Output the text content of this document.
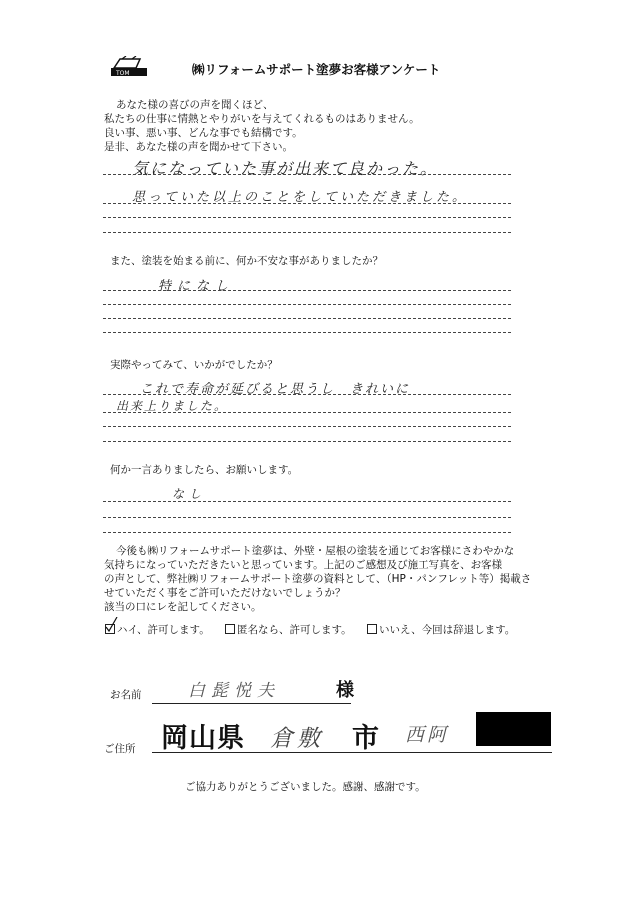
TOM	㈱リフォームサポート塗夢お客様アンケート
あなた様の喜びの声を聞くほど、
私たちの仕事に情熱とやりがいを与えてくれるものはありません。
良い事、悪い事、どんな事でも結構です。
是非、あなた様の声を聞かせて下さい。
気になっていた事が出来て良かった。
思っていた以上のことをしていただきました。
また、塗装を始まる前に、何か不安な事がありましたか？
特になし
実際やってみて、いかがでしたか？
これで寿命が延びると思うし　きれいに
出来上りました。
何か一言ありましたら、お願いします。
なし
今後も㈱リフォームサポート塗夢は、外壁・屋根の塗装を通じてお客様にさわやかな
気持ちになっていただきたいと思っています。上記のご感想及び施工写真を、お客様
の声として、弊社㈱リフォームサポート塗夢の資料として、（HP・パンフレット等）掲載さ
せていただく事をご許可いただけないでしょうか？
該当の口にレを記してください。
ハイ、許可します。	匿名なら、許可します。	いいえ、今回は辞退します。
お名前	白髭悦夫	様
ご住所 岡山県 倉敷 市 西阿
ご協力ありがとうございました。感謝、感謝です。
